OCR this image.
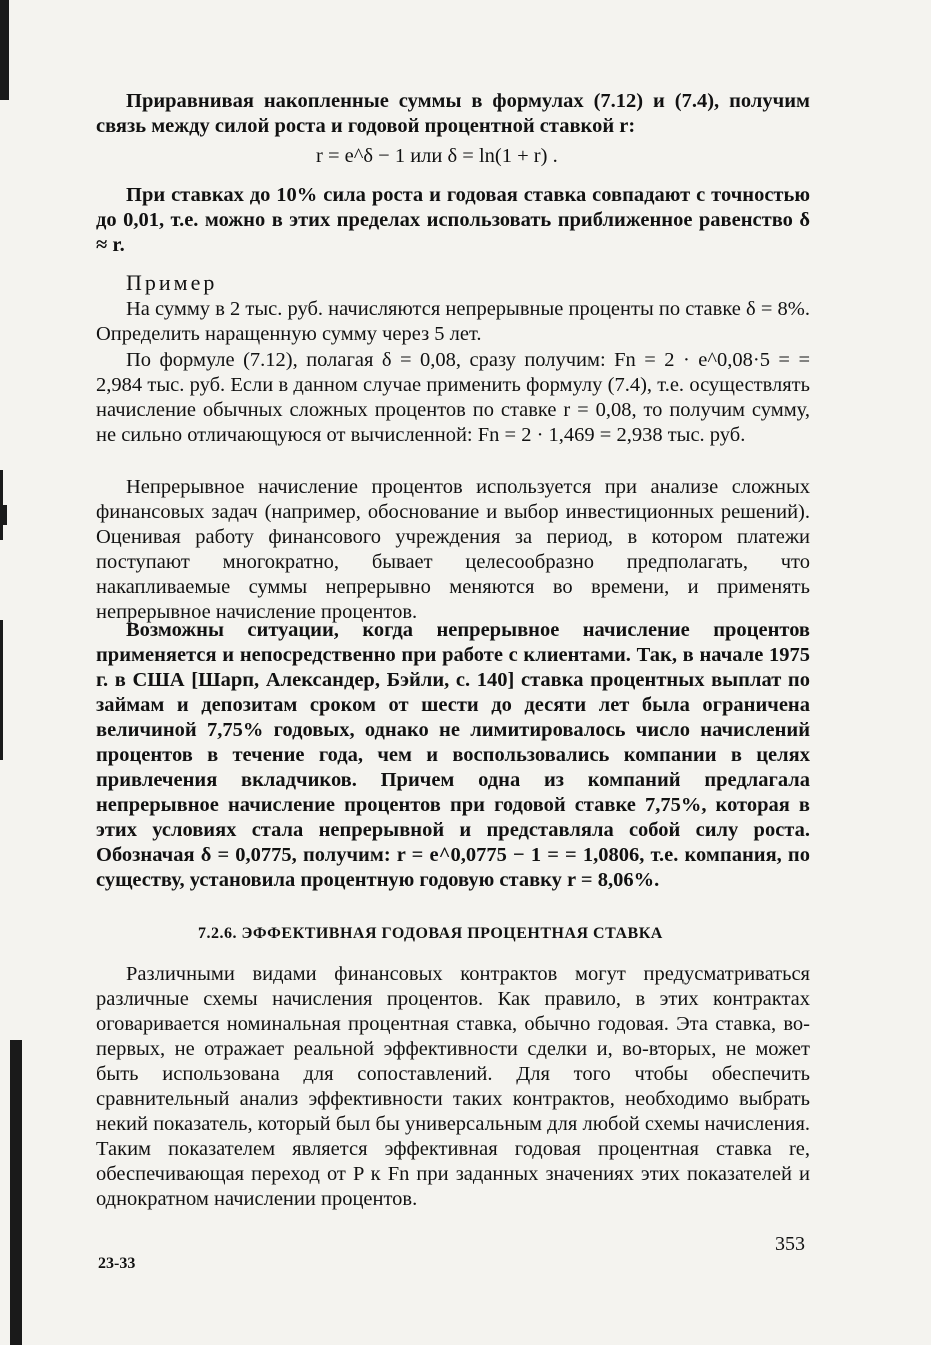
Приравнивая накопленные суммы в формулах (7.12) и (7.4), получим связь между силой роста и годовой процентной ставкой r:

r = e^δ − 1 или δ = ln(1 + r) .

При ставках до 10% сила роста и годовая ставка совпадают с точностью до 0,01, т.е. можно в этих пределах использовать приближенное равенство δ ≈ r.

Пример

На сумму в 2 тыс. руб. начисляются непрерывные проценты по ставке δ = 8%. Определить наращенную сумму через 5 лет.

По формуле (7.12), полагая δ = 0,08, сразу получим: Fn = 2 · e^0,08·5 = = 2,984 тыс. руб. Если в данном случае применить формулу (7.4), т.е. осуществлять начисление обычных сложных процентов по ставке r = 0,08, то получим сумму, не сильно отличающуюся от вычисленной: Fn = 2 · 1,469 = 2,938 тыс. руб.

Непрерывное начисление процентов используется при анализе сложных финансовых задач (например, обоснование и выбор инвестиционных решений). Оценивая работу финансового учреждения за период, в котором платежи поступают многократно, бывает целесообразно предполагать, что накапливаемые суммы непрерывно меняются во времени, и применять непрерывное начисление процентов.

Возможны ситуации, когда непрерывное начисление процентов применяется и непосредственно при работе с клиентами. Так, в начале 1975 г. в США [Шарп, Александер, Бэйли, с. 140] ставка процентных выплат по займам и депозитам сроком от шести до десяти лет была ограничена величиной 7,75% годовых, однако не лимитировалось число начислений процентов в течение года, чем и воспользовались компании в целях привлечения вкладчиков. Причем одна из компаний предлагала непрерывное начисление процентов при годовой ставке 7,75%, которая в этих условиях стала непрерывной и представляла собой силу роста. Обозначая δ = 0,0775, получим: r = e^0,0775 − 1 = = 1,0806, т.е. компания, по существу, установила процентную годовую ставку r = 8,06%.

7.2.6. ЭФФЕКТИВНАЯ ГОДОВАЯ ПРОЦЕНТНАЯ СТАВКА

Различными видами финансовых контрактов могут предусматриваться различные схемы начисления процентов. Как правило, в этих контрактах оговаривается номинальная процентная ставка, обычно годовая. Эта ставка, во-первых, не отражает реальной эффективности сделки и, во-вторых, не может быть использована для сопоставлений. Для того чтобы обеспечить сравнительный анализ эффективности таких контрактов, необходимо выбрать некий показатель, который был бы универсальным для любой схемы начисления. Таким показателем является эффективная годовая процентная ставка re, обеспечивающая переход от P к Fn при заданных значениях этих показателей и однократном начислении процентов.

353
23-33
